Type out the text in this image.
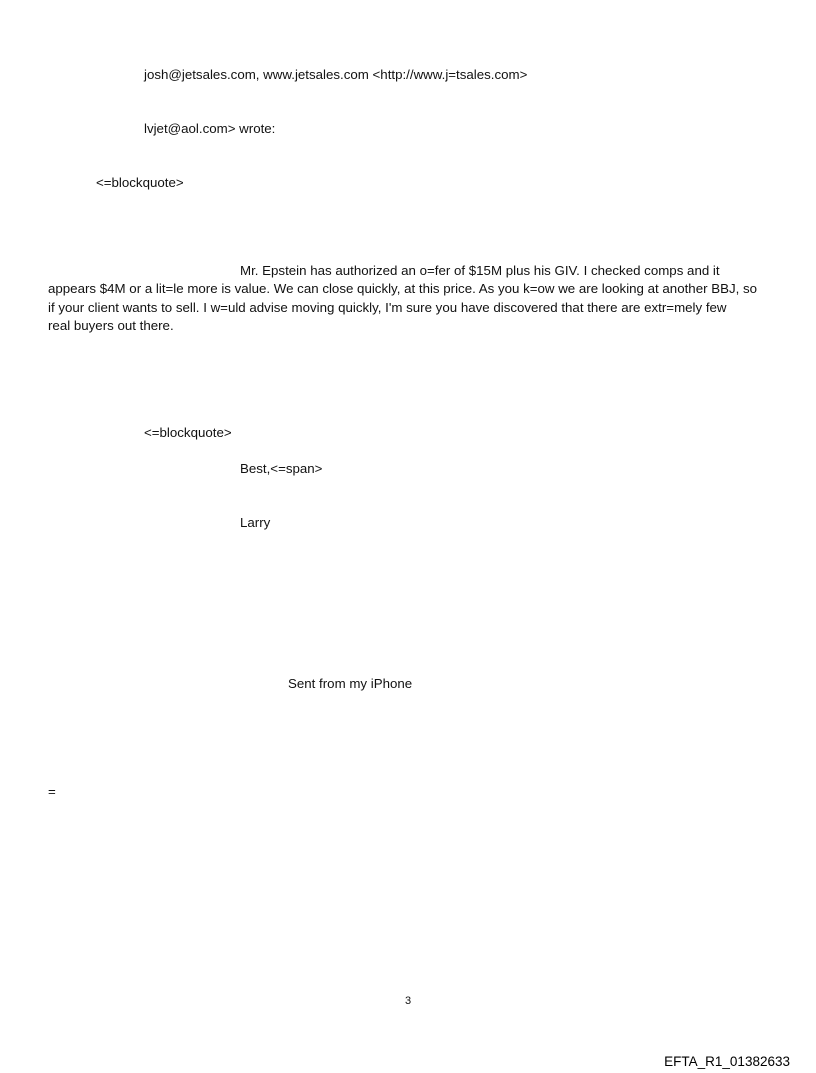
josh@jetsales.com, www.jetsales.com <http://www.j=tsales.com>
lvjet@aol.com> wrote:
<=blockquote>
Mr. Epstein has authorized an o=fer of $15M plus his GIV. I checked comps and it
appears $4M or a lit=le more is value. We can close quickly, at this price. As you k=ow we are looking at another BBJ, so
if your client wants to sell. I w=uld advise moving quickly, I'm sure you have discovered that there are extr=mely few
real buyers out there.
<=blockquote>
Best,<=span>
Larry
Sent from my iPhone
=
3
EFTA_R1_01382633
